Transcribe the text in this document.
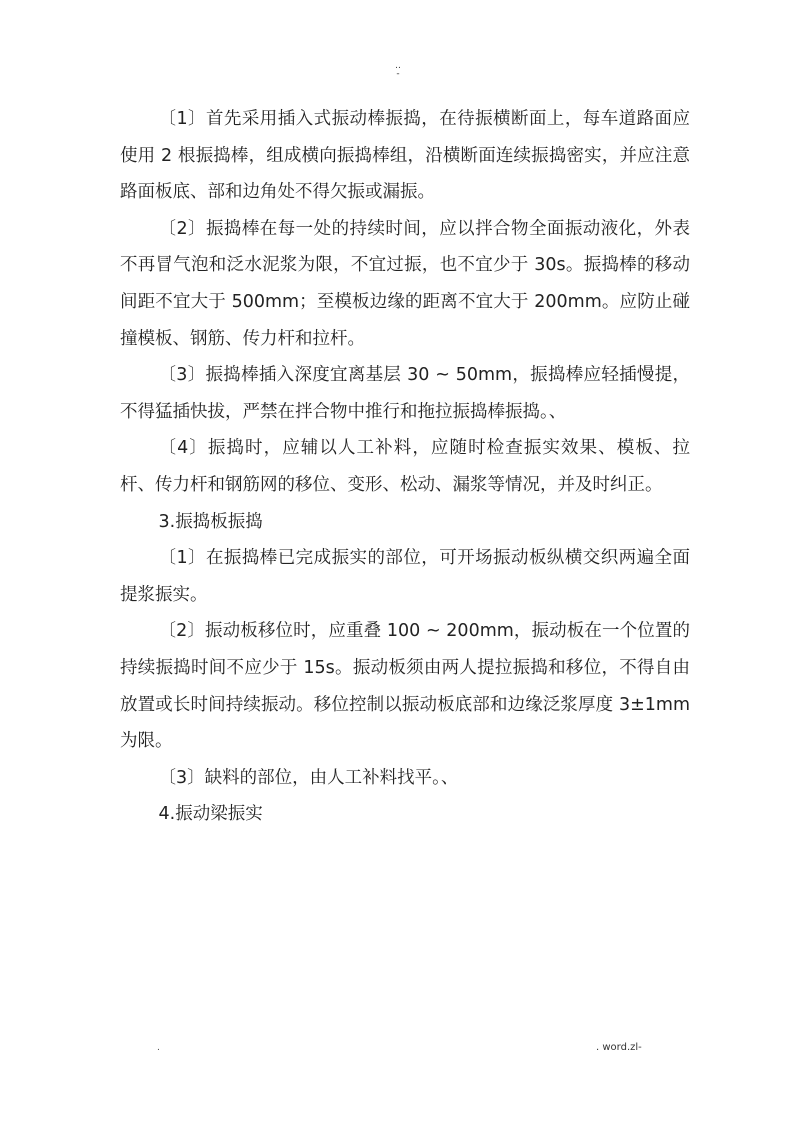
..
-

〔1〕首先采用插入式振动棒振捣，在待振横断面上，每车道路面应使用 2 根振捣棒，组成横向振捣棒组，沿横断面连续振捣密实，并应注意路面板底、部和边角处不得欠振或漏振。

〔2〕振捣棒在每一处的持续时间，应以拌合物全面振动液化，外表不再冒气泡和泛水泥浆为限，不宜过振，也不宜少于 30s。振捣棒的移动间距不宜大于 500mm；至模板边缘的距离不宜大于 200mm。应防止碰撞模板、钢筋、传力杆和拉杆。

〔3〕振捣棒插入深度宜离基层 30 ~ 50mm，振捣棒应轻插慢提，不得猛插快拔，严禁在拌合物中推行和拖拉振捣棒振捣。、

〔4〕振捣时，应辅以人工补料，应随时检查振实效果、模板、拉杆、传力杆和钢筋网的移位、变形、松动、漏浆等情况，并及时纠正。

3.振捣板振捣

〔1〕在振捣棒已完成振实的部位，可开场振动板纵横交织两遍全面提浆振实。

〔2〕振动板移位时，应重叠 100 ~ 200mm，振动板在一个位置的持续振捣时间不应少于 15s。振动板须由两人提拉振捣和移位，不得自由放置或长时间持续振动。移位控制以振动板底部和边缘泛浆厚度 3±1mm 为限。

〔3〕缺料的部位，由人工补料找平。、

4.振动梁振实

.	. word.zl-
